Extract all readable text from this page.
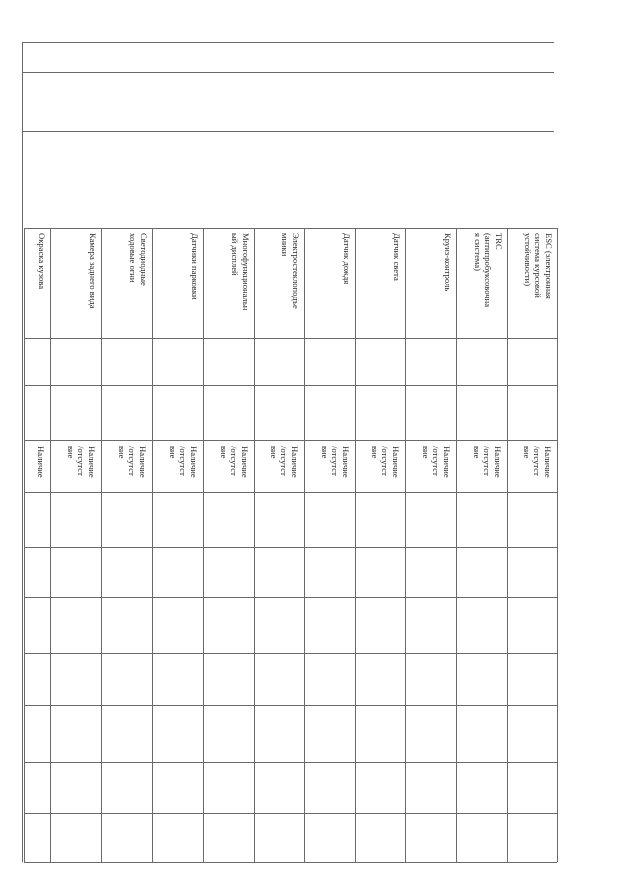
ESC (электронная
система курсовой
устойчивости)
Наличие
/отсутст
вие
TRC
(антипробуксовочна
я система)
Наличие
/отсутст
вие
Круиз-контроль
Наличие
/отсутст
вие
Датчик света
Наличие
/отсутст
вие
Датчик дождя
Наличие
/отсутст
вие
Электростеклоподъе
мники
Наличие
/отсутст
вие
Многофункциональн
ый дисплей
Наличие
/отсутст
вие
Датчики парковки
Наличие
/отсутст
вие
Светодиодные
ходовые огни
Наличие
/отсутст
вие
Камера заднего вида
Наличие
/отсутст
вие
Окраска кузова
Наличие
